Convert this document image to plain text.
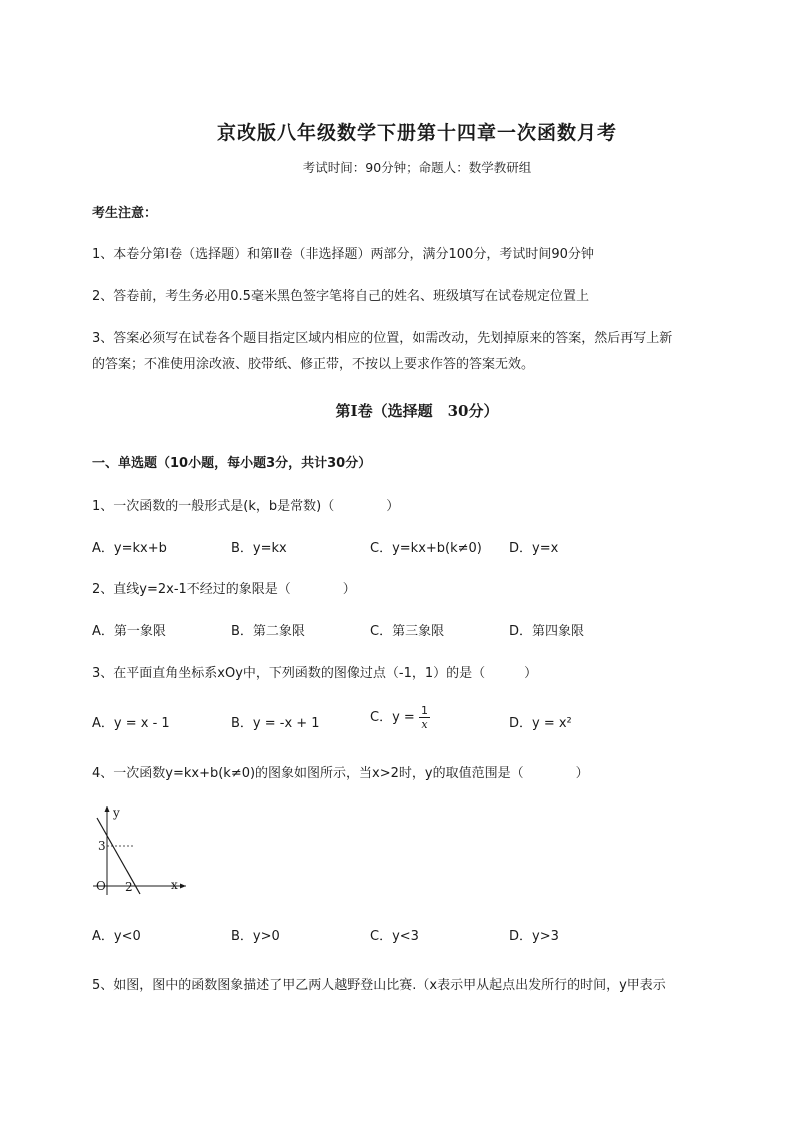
京改版八年级数学下册第十四章一次函数月考
考试时间：90分钟；命题人：数学教研组
考生注意：
1、本卷分第I卷（选择题）和第Ⅱ卷（非选择题）两部分，满分100分，考试时间90分钟
2、答卷前，考生务必用0.5毫米黑色签字笔将自己的姓名、班级填写在试卷规定位置上
3、答案必须写在试卷各个题目指定区域内相应的位置，如需改动，先划掉原来的答案，然后再写上新
的答案；不准使用涂改液、胶带纸、修正带，不按以上要求作答的答案无效。
第I卷（选择题　30分）
一、单选题（10小题，每小题3分，共计30分）
1、一次函数的一般形式是(k，b是常数)（　　　　）
A．y=kx+b	B．y=kx	C．y=kx+b(k≠0) D．y=x
2、直线y=2x-1不经过的象限是（　　　　）
A．第一象限	B．第二象限	C．第三象限	D．第四象限
3、在平面直角坐标系xOy中，下列函数的图像过点（-1，1）的是（　　　）
A．y = x - 1	B．y = -x + 1	C．$y = \frac{1}{x}$	D．y = x²
4、一次函数y=kx+b(k≠0)的图象如图所示，当x>2时，y的取值范围是（　　　　）
y
x
O
3
2
A．y<0	B．y>0	C．y<3	D．y>3
5、如图，图中的函数图象描述了甲乙两人越野登山比赛.（x表示甲从起点出发所行的时间，y甲表示
